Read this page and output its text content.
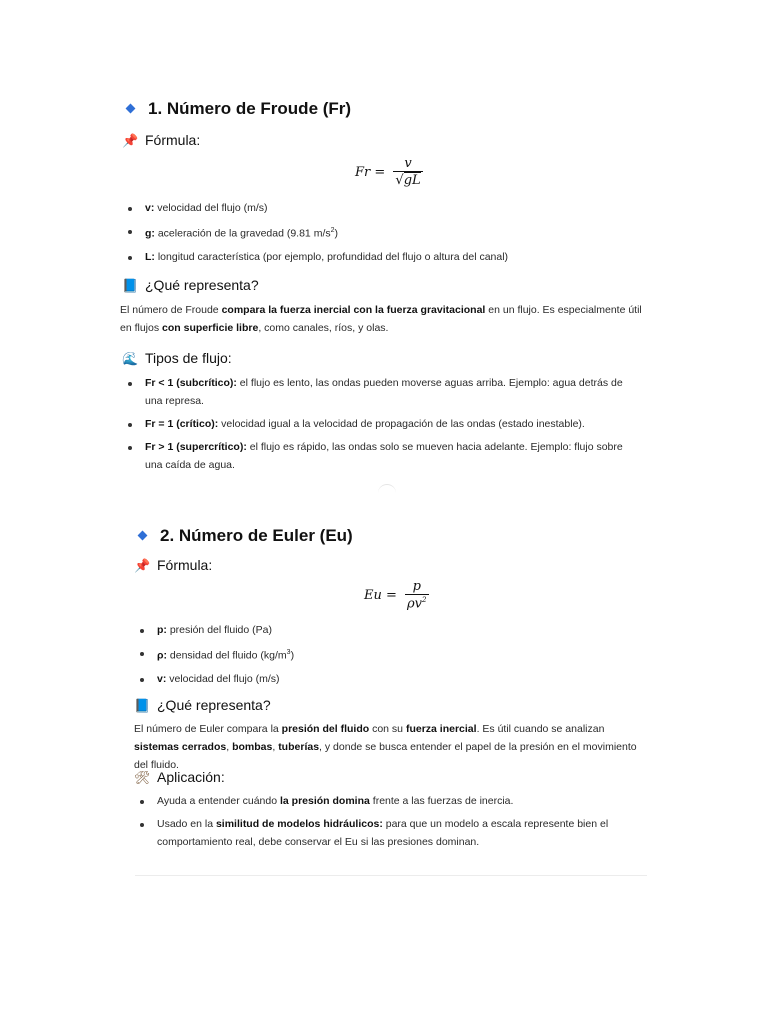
1. Número de Froude (Fr)
📌 Fórmula:
$Fr = \frac{v}{√gL}$
v: velocidad del flujo (m/s)
g: aceleración de la gravedad (9.81 $m/s^2$)
L: longitud característica (por ejemplo, profundidad del flujo o altura del canal)
📘 ¿Qué representa?
El número de Froude compara la fuerza inercial con la fuerza gravitacional en un flujo. Es especialmente útil en flujos con superficie libre, como canales, ríos, y olas.
🌊 Tipos de flujo:
Fr < 1 (subcrítico): el flujo es lento, las ondas pueden moverse aguas arriba. Ejemplo: agua detrás de una represa.
Fr = 1 (crítico): velocidad igual a la velocidad de propagación de las ondas (estado inestable).
Fr > 1 (supercrítico): el flujo es rápido, las ondas solo se mueven hacia adelante. Ejemplo: flujo sobre una caída de agua.
2. Número de Euler (Eu)
📌 Fórmula:
$Eu = \frac{p}{\rho v^2}$
p: presión del fluido (Pa)
ρ: densidad del fluido $(kg/m^3)$
v: velocidad del flujo (m/s)
📘 ¿Qué representa?
El número de Euler compara la presión del fluido con su fuerza inercial. Es útil cuando se analizan sistemas cerrados, bombas, tuberías, y donde se busca entender el papel de la presión en el movimiento del fluido.
🛠 Aplicación:
Ayuda a entender cuándo la presión domina frente a las fuerzas de inercia.
Usado en la similitud de modelos hidráulicos: para que un modelo a escala represente bien el comportamiento real, debe conservar el Eu si las presiones dominan.
